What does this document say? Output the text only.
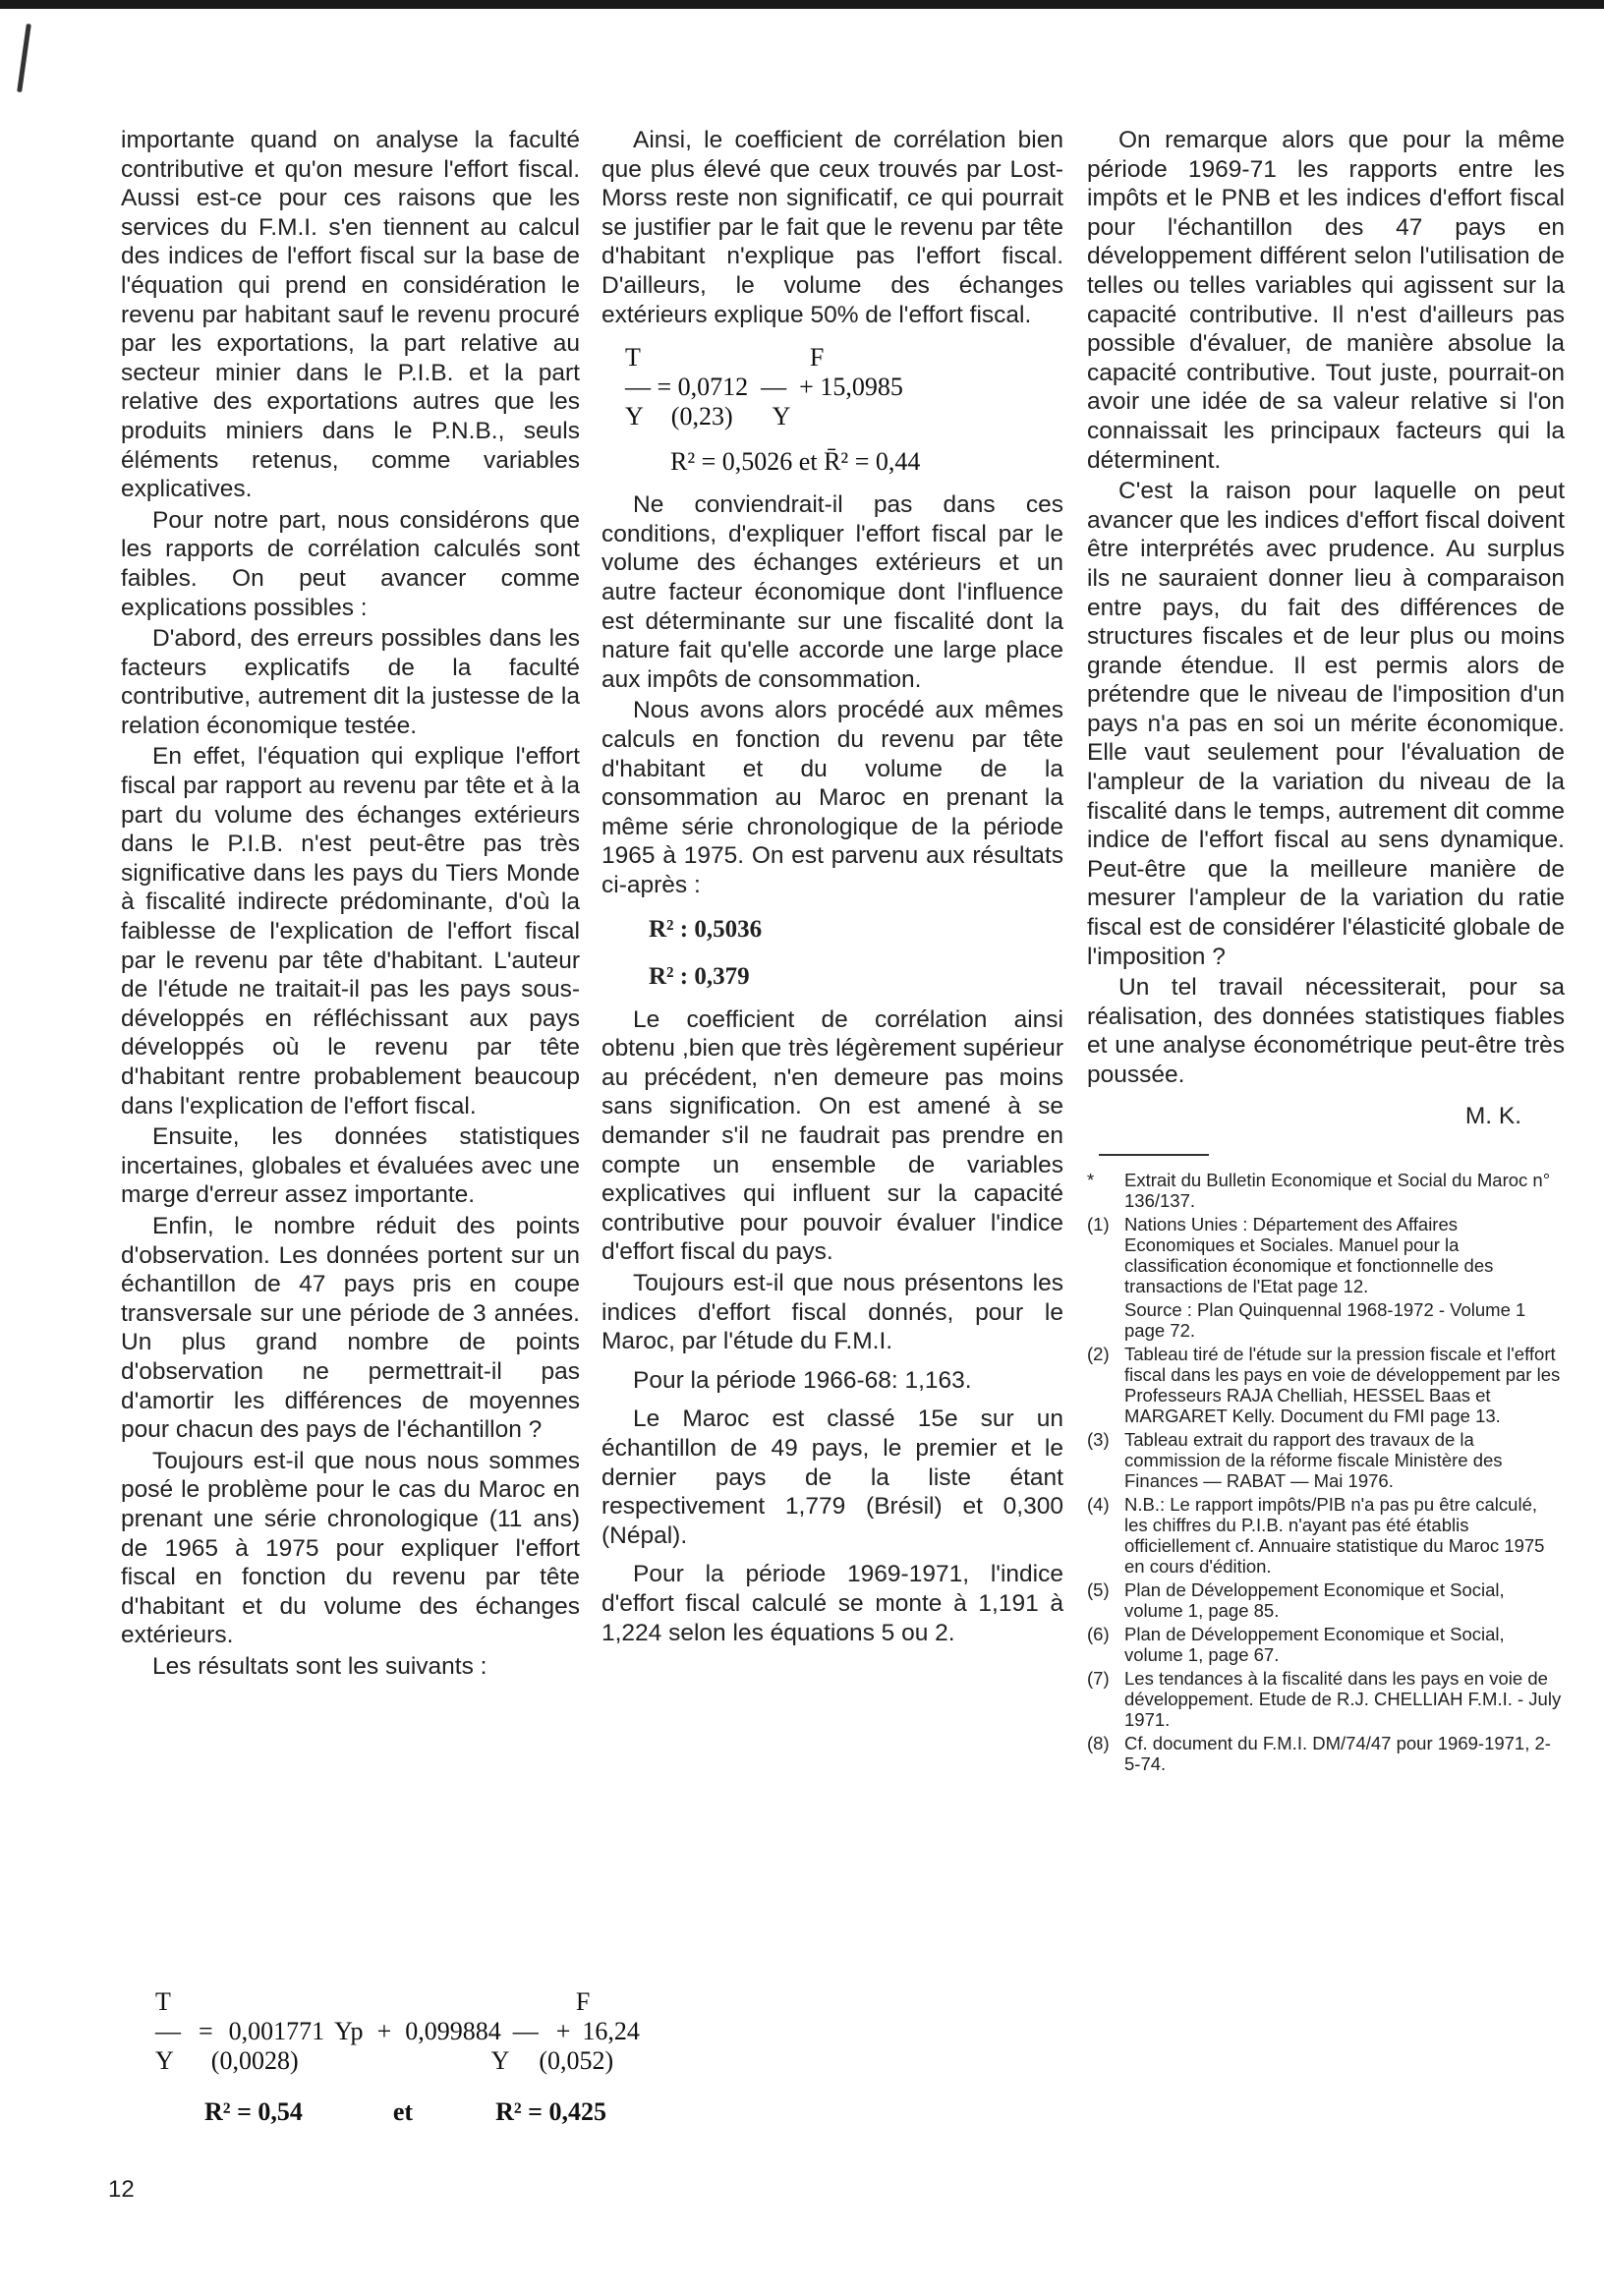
importante quand on analyse la faculté contributive et qu'on mesure l'effort fiscal. Aussi est-ce pour ces raisons que les services du F.M.I. s'en tiennent au calcul des indices de l'effort fiscal sur la base de l'équation qui prend en considération le revenu par habitant sauf le revenu procuré par les exportations, la part relative au secteur minier dans le P.I.B. et la part relative des exportations autres que les produits miniers dans le P.N.B., seuls éléments retenus, comme variables explicatives.

Pour notre part, nous considérons que les rapports de corrélation calculés sont faibles. On peut avancer comme explications possibles :

D'abord, des erreurs possibles dans les facteurs explicatifs de la faculté contributive, autrement dit la justesse de la relation économique testée.

En effet, l'équation qui explique l'effort fiscal par rapport au revenu par tête et à la part du volume des échanges extérieurs dans le P.I.B. n'est peut-être pas très significative dans les pays du Tiers Monde à fiscalité indirecte prédominante, d'où la faiblesse de l'explication de l'effort fiscal par le revenu par tête d'habitant. L'auteur de l'étude ne traitait-il pas les pays sous-développés en réfléchissant aux pays développés où le revenu par tête d'habitant rentre probablement beaucoup dans l'explication de l'effort fiscal.

Ensuite, les données statistiques incertaines, globales et évaluées avec une marge d'erreur assez importante.

Enfin, le nombre réduit des points d'observation. Les données portent sur un échantillon de 47 pays pris en coupe transversale sur une période de 3 années. Un plus grand nombre de points d'observation ne permettrait-il pas d'amortir les différences de moyennes pour chacun des pays de l'échantillon ?

Toujours est-il que nous nous sommes posé le problème pour le cas du Maroc en prenant une série chronologique (11 ans) de 1965 à 1975 pour expliquer l'effort fiscal en fonction du revenu par tête d'habitant et du volume des échanges extérieurs.

Les résultats sont les suivants :

T	F
— = 0,001771 Yp + 0,099884 — + 16,24
Y (0,0028)	Y (0,052)
R² = 0,54	et	R² = 0,425

Ainsi, le coefficient de corrélation bien que plus élevé que ceux trouvés par Lost-Morss reste non significatif, ce qui pourrait se justifier par le fait que le revenu par tête d'habitant n'explique pas l'effort fiscal. D'ailleurs, le volume des échanges extérieurs explique 50% de l'effort fiscal.

T	F
— = 0,0712  —  + 15,0985
Y (0,23) Y
R² = 0,5026 et R̄² = 0,44

Ne conviendrait-il pas dans ces conditions, d'expliquer l'effort fiscal par le volume des échanges extérieurs et un autre facteur économique dont l'influence est déterminante sur une fiscalité dont la nature fait qu'elle accorde une large place aux impôts de consommation.

Nous avons alors procédé aux mêmes calculs en fonction du revenu par tête d'habitant et du volume de la consommation au Maroc en prenant la même série chronologique de la période 1965 à 1975. On est parvenu aux résultats ci-après :

R² : 0,5036
R² : 0,379

Le coefficient de corrélation ainsi obtenu ,bien que très légèrement supérieur au précédent, n'en demeure pas moins sans signification. On est amené à se demander s'il ne faudrait pas prendre en compte un ensemble de variables explicatives qui influent sur la capacité contributive pour pouvoir évaluer l'indice d'effort fiscal du pays.

Toujours est-il que nous présentons les indices d'effort fiscal donnés, pour le Maroc, par l'étude du F.M.I.

Pour la période 1966-68: 1,163.

Le Maroc est classé 15e sur un échantillon de 49 pays, le premier et le dernier pays de la liste étant respectivement 1,779 (Brésil) et 0,300 (Népal).

Pour la période 1969-1971, l'indice d'effort fiscal calculé se monte à 1,191 à 1,224 selon les équations 5 ou 2.

On remarque alors que pour la même période 1969-71 les rapports entre les impôts et le PNB et les indices d'effort fiscal pour l'échantillon des 47 pays en développement différent selon l'utilisation de telles ou telles variables qui agissent sur la capacité contributive. Il n'est d'ailleurs pas possible d'évaluer, de manière absolue la capacité contributive. Tout juste, pourrait-on avoir une idée de sa valeur relative si l'on connaissait les principaux facteurs qui la déterminent.

C'est la raison pour laquelle on peut avancer que les indices d'effort fiscal doivent être interprétés avec prudence. Au surplus ils ne sauraient donner lieu à comparaison entre pays, du fait des différences de structures fiscales et de leur plus ou moins grande étendue. Il est permis alors de prétendre que le niveau de l'imposition d'un pays n'a pas en soi un mérite économique. Elle vaut seulement pour l'évaluation de l'ampleur de la variation du niveau de la fiscalité dans le temps, autrement dit comme indice de l'effort fiscal au sens dynamique. Peut-être que la meilleure manière de mesurer l'ampleur de la variation du ratie fiscal est de considérer l'élasticité globale de l'imposition ?

Un tel travail nécessiterait, pour sa réalisation, des données statistiques fiables et une analyse économétrique peut-être très poussée.

M. K.
*	Extrait du Bulletin Economique et Social du Maroc n° 136/137.
(1) Nations Unies : Département des Affaires Economiques et Sociales. Manuel pour la classification économique et fonctionnelle des transactions de l'Etat page 12.
Source : Plan Quinquennal 1968-1972 - Volume 1 page 72.
(2) Tableau tiré de l'étude sur la pression fiscale et l'effort fiscal dans les pays en voie de développement par les Professeurs RAJA Chelliah, HESSEL Baas et MARGARET Kelly. Document du FMI page 13.
(3) Tableau extrait du rapport des travaux de la commission de la réforme fiscale Ministère des Finances — RABAT — Mai 1976.
(4) N.B.: Le rapport impôts/PIB n'a pas pu être calculé, les chiffres du P.I.B. n'ayant pas été établis officiellement cf. Annuaire statistique du Maroc 1975 en cours d'édition.
(5) Plan de Développement Economique et Social, volume 1, page 85.
(6) Plan de Développement Economique et Social, volume 1, page 67.
(7) Les tendances à la fiscalité dans les pays en voie de développement. Etude de R.J. CHELLIAH F.M.I. - July 1971.
(8) Cf. document du F.M.I. DM/74/47 pour 1969-1971, 2-5-74.
12
